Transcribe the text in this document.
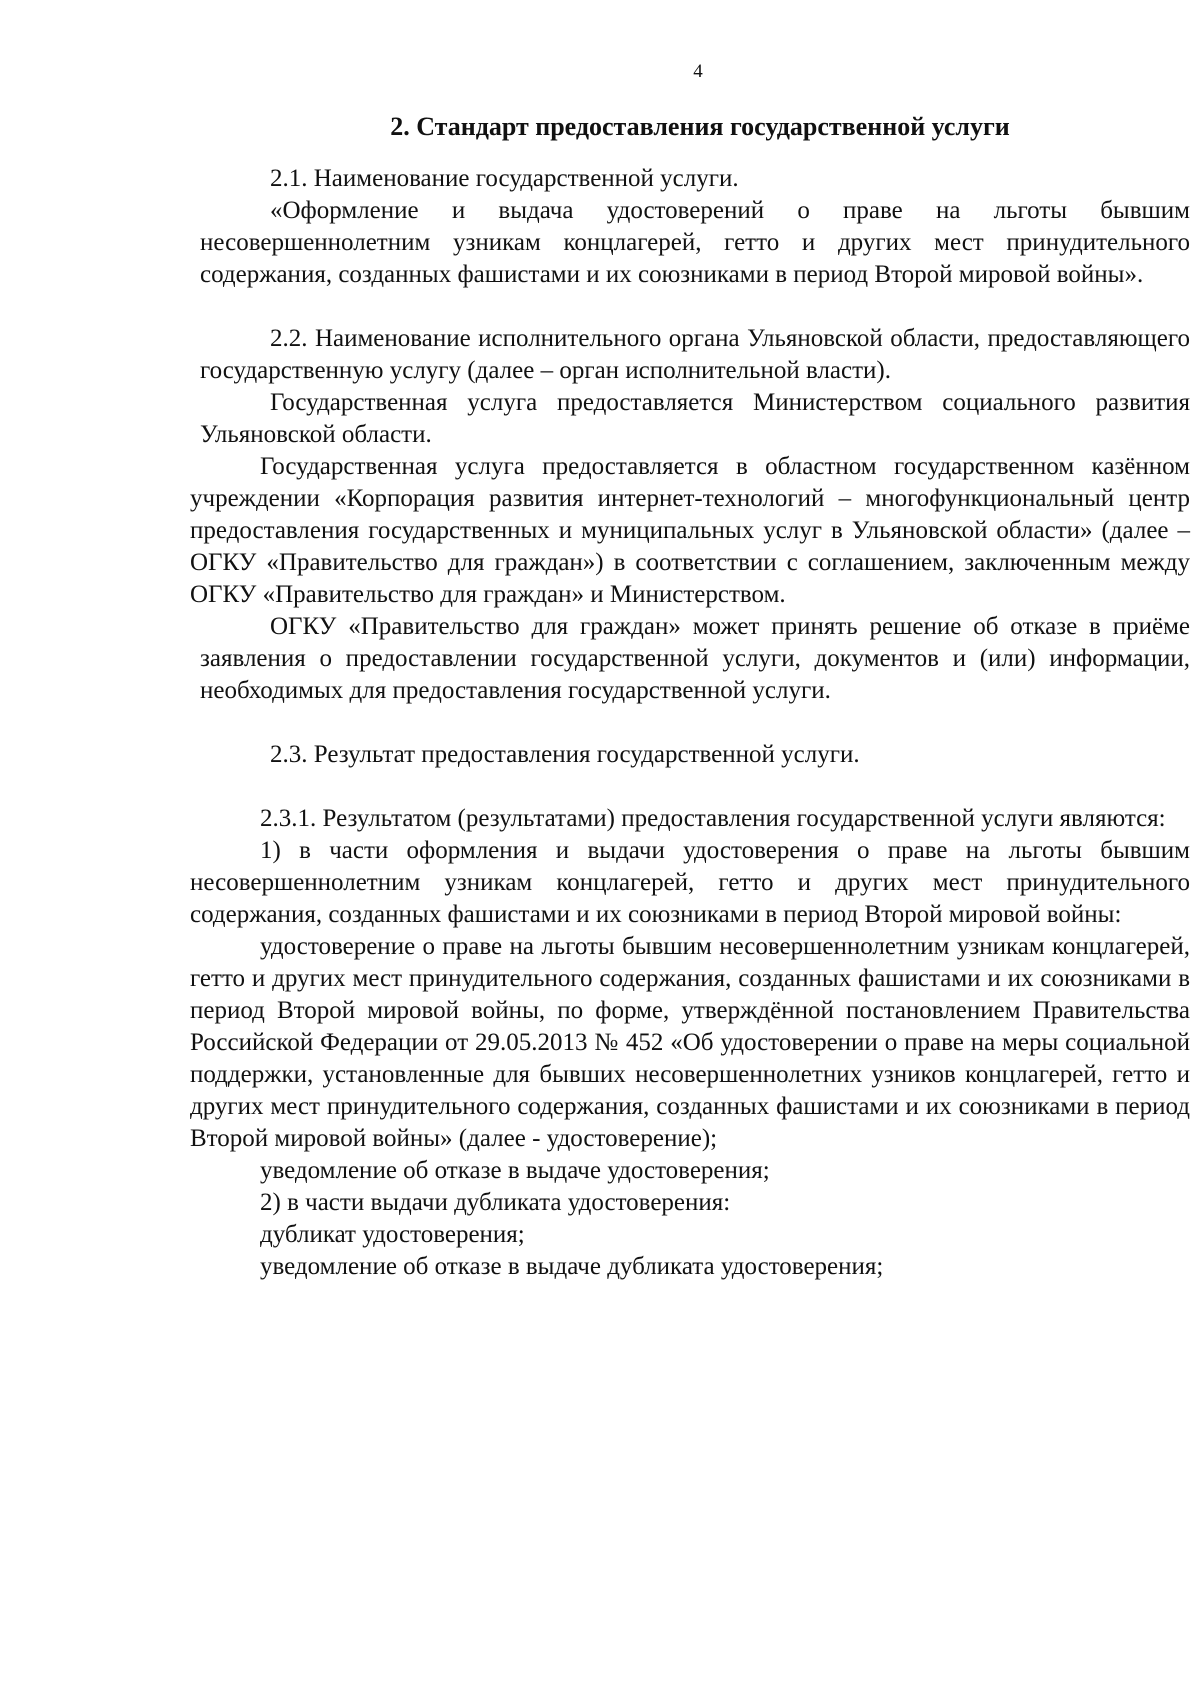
4
2. Стандарт предоставления государственной услуги

2.1. Наименование государственной услуги.

«Оформление и выдача удостоверений о праве на льготы бывшим несовершеннолетним узникам концлагерей, гетто и других мест принудительного содержания, созданных фашистами и их союзниками в период Второй мировой войны».

2.2. Наименование исполнительного органа Ульяновской области, предоставляющего государственную услугу (далее – орган исполнительной власти).

Государственная услуга предоставляется Министерством социального развития Ульяновской области.

Государственная услуга предоставляется в областном государственном казённом учреждении «Корпорация развития интернет-технологий – многофункциональный центр предоставления государственных и муниципальных услуг в Ульяновской области» (далее – ОГКУ «Правительство для граждан») в соответствии с соглашением, заключенным между ОГКУ «Правительство для граждан» и Министерством.

ОГКУ «Правительство для граждан» может принять решение об отказе в приёме заявления о предоставлении государственной услуги, документов и (или) информации, необходимых для предоставления государственной услуги.

2.3. Результат предоставления государственной услуги.

2.3.1. Результатом (результатами) предоставления государственной услуги являются:

1) в части оформления и выдачи удостоверения о праве на льготы бывшим несовершеннолетним узникам концлагерей, гетто и других мест принудительного содержания, созданных фашистами и их союзниками в период Второй мировой войны:

удостоверение о праве на льготы бывшим несовершеннолетним узникам концлагерей, гетто и других мест принудительного содержания, созданных фашистами и их союзниками в период Второй мировой войны, по форме, утверждённой постановлением Правительства Российской Федерации от 29.05.2013 № 452 «Об удостоверении о праве на меры социальной поддержки, установленные для бывших несовершеннолетних узников концлагерей, гетто и других мест принудительного содержания, созданных фашистами и их союзниками в период Второй мировой войны» (далее - удостоверение);

уведомление об отказе в выдаче удостоверения;

2) в части выдачи дубликата удостоверения:

дубликат удостоверения;

уведомление об отказе в выдаче дубликата удостоверения;
